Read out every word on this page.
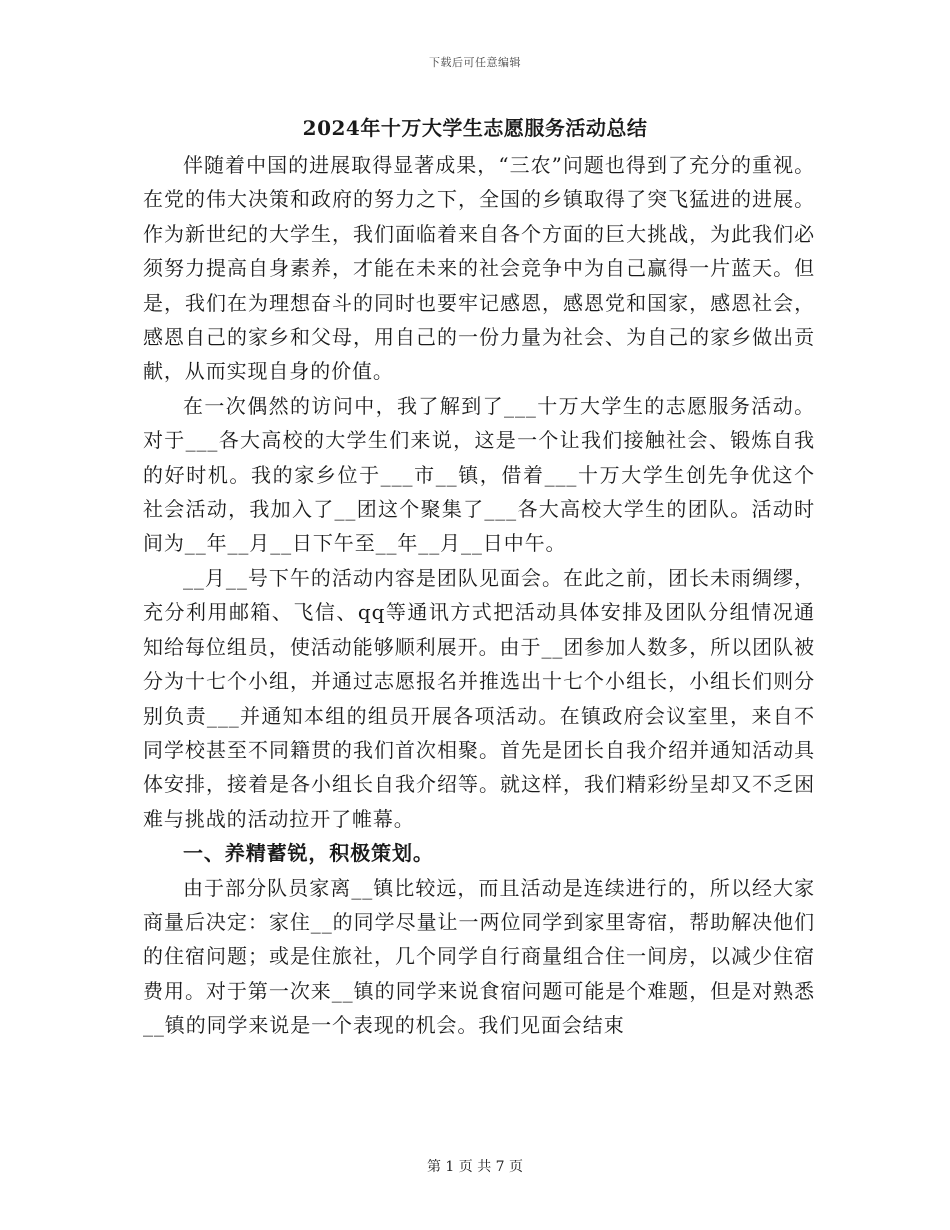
下载后可任意编辑
2024年十万大学生志愿服务活动总结

伴随着中国的进展取得显著成果，“三农”问题也得到了充分的重视。在党的伟大决策和政府的努力之下，全国的乡镇取得了突飞猛进的进展。作为新世纪的大学生，我们面临着来自各个方面的巨大挑战，为此我们必须努力提高自身素养，才能在未来的社会竞争中为自己赢得一片蓝天。但是，我们在为理想奋斗的同时也要牢记感恩，感恩党和国家，感恩社会，感恩自己的家乡和父母，用自己的一份力量为社会、为自己的家乡做出贡献，从而实现自身的价值。

在一次偶然的访问中，我了解到了___十万大学生的志愿服务活动。对于___各大高校的大学生们来说，这是一个让我们接触社会、锻炼自我的好时机。我的家乡位于___市__镇，借着___十万大学生创先争优这个社会活动，我加入了__团这个聚集了___各大高校大学生的团队。活动时间为__年__月__日下午至__年__月__日中午。

__月__号下午的活动内容是团队见面会。在此之前，团长未雨绸缪，充分利用邮箱、飞信、qq等通讯方式把活动具体安排及团队分组情况通知给每位组员，使活动能够顺利展开。由于__团参加人数多，所以团队被分为十七个小组，并通过志愿报名并推选出十七个小组长，小组长们则分别负责___并通知本组的组员开展各项活动。在镇政府会议室里，来自不同学校甚至不同籍贯的我们首次相聚。首先是团长自我介绍并通知活动具体安排，接着是各小组长自我介绍等。就这样，我们精彩纷呈却又不乏困难与挑战的活动拉开了帷幕。

一、养精蓄锐，积极策划。

由于部分队员家离__镇比较远，而且活动是连续进行的，所以经大家商量后决定：家住__的同学尽量让一两位同学到家里寄宿，帮助解决他们的住宿问题；或是住旅社，几个同学自行商量组合住一间房，以减少住宿费用。对于第一次来__镇的同学来说食宿问题可能是个难题，但是对熟悉__镇的同学来说是一个表现的机会。我们见面会结束

第 1 页 共 7 页
